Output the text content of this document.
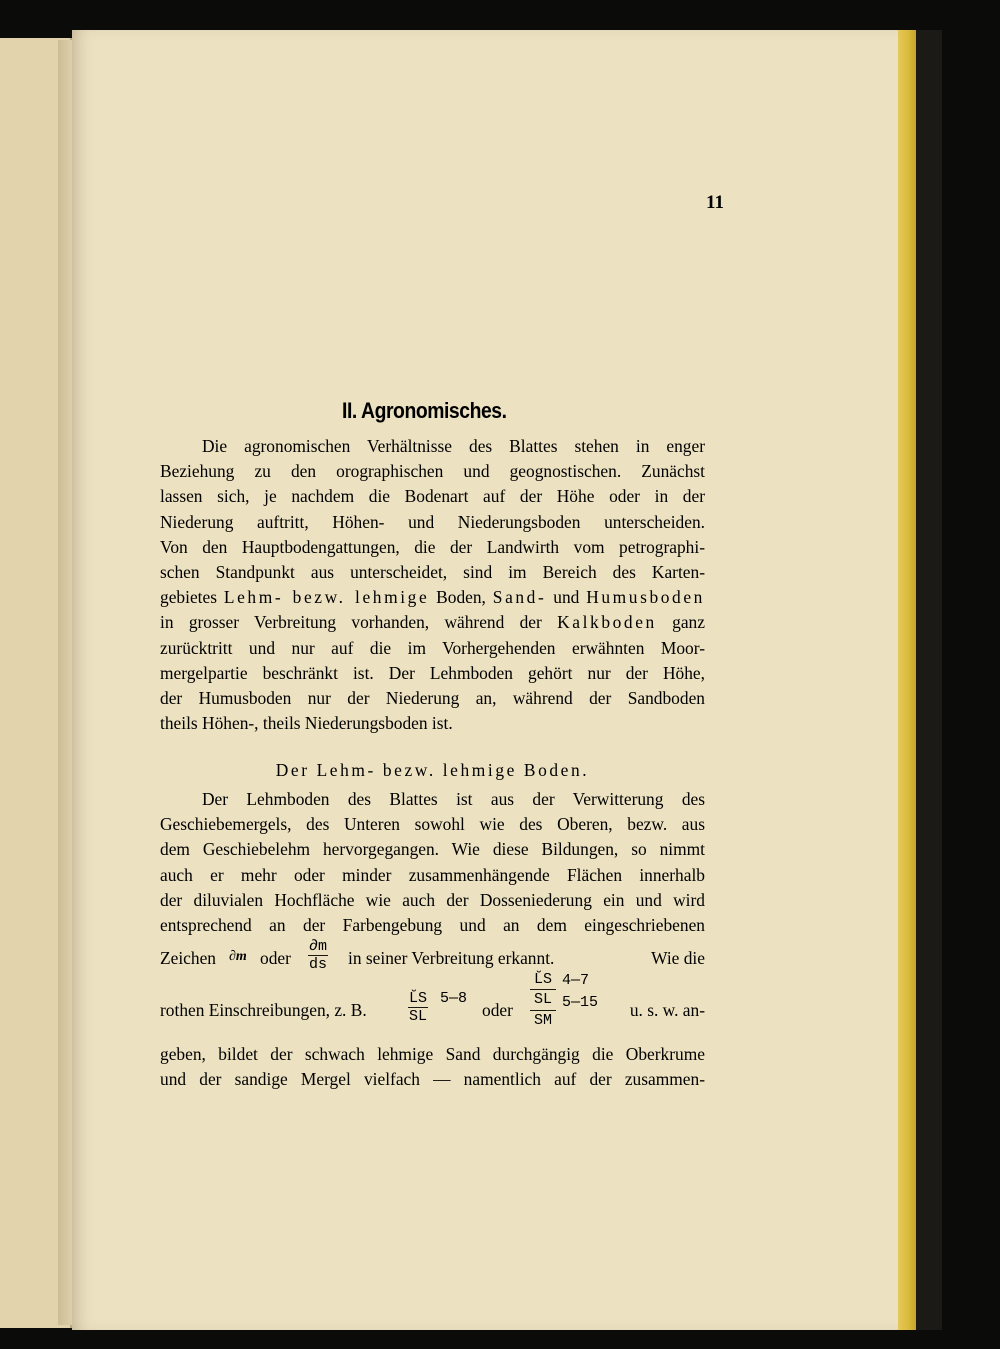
11
II. Agronomisches.
Die agronomischen Verhältnisse des Blattes stehen in enger
Beziehung zu den orographischen und geognostischen. Zunächst
lassen sich, je nachdem die Bodenart auf der Höhe oder in der
Niederung auftritt, Höhen- und Niederungsboden unterscheiden.
Von den Hauptbodengattungen, die der Landwirth vom petrographi-
schen Standpunkt aus unterscheidet, sind im Bereich des Karten-
gebietes Lehm- bezw. lehmige Boden, Sand- und Humusboden
in grosser Verbreitung vorhanden, während der Kalkboden ganz
zurücktritt und nur auf die im Vorhergehenden erwähnten Moor-
mergelpartie beschränkt ist. Der Lehmboden gehört nur der Höhe,
der Humusboden nur der Niederung an, während der Sandboden
theils Höhen-, theils Niederungsboden ist.
Der Lehm- bezw. lehmige Boden.
Der Lehmboden des Blattes ist aus der Verwitterung des
Geschiebemergels, des Unteren sowohl wie des Oberen, bezw. aus
dem Geschiebelehm hervorgegangen. Wie diese Bildungen, so nimmt
auch er mehr oder minder zusammenhängende Flächen innerhalb
der diluvialen Hochfläche wie auch der Dosseniederung ein und wird
entsprechend an der Farbengebung und an dem eingeschriebenen
Zeichen ∂m oder $\frac{\partial m}{ds}$ in seiner Verbreitung erkannt.	Wie die
rothen Einschreibungen, z. B.	$\frac{L̆S}{SL}$ 5—8
oder
L̆S
SL
SM
4—7
5—15 u. s. w. an-
geben, bildet der schwach lehmige Sand durchgängig die Oberkrume
und der sandige Mergel vielfach — namentlich auf der zusammen-
